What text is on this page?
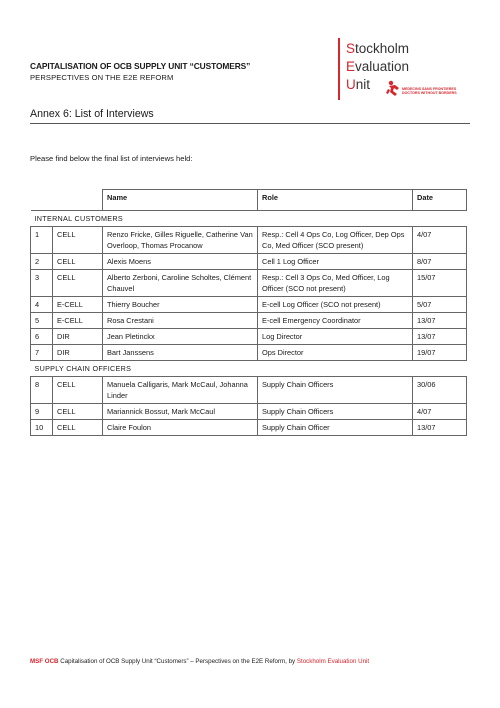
CAPITALISATION OF OCB SUPPLY UNIT “CUSTOMERS”
PERSPECTIVES ON THE E2E REFORM
Stockholm
Evaluation
Unit	MEDECINS SANS FRONTIERES
DOCTORS WITHOUT BORDERS
Annex 6: List of Interviews
Please find below the final list of interviews held:
		Name	Role	Date
INTERNAL CUSTOMERS				
1	CELL	Renzo Fricke, Gilles Riguelle, Catherine Van Overloop, Thomas Procanow	Resp.: Cell 4 Ops Co, Log Officer, Dep Ops Co, Med Officer (SCO present)	4/07
2	CELL	Alexis Moens	Cell 1 Log Officer	8/07
3	CELL	Alberto Zerboni, Caroline Scholtes, Clément Chauvel	Resp.: Cell 3 Ops Co, Med Officer, Log Officer (SCO not present)	15/07
4	E-CELL	Thierry Boucher	E-cell Log Officer (SCO not present)	5/07
5	E-CELL	Rosa Crestani	E-cell Emergency Coordinator	13/07
6	DIR	Jean Pletinckx	Log Director	13/07
7	DIR	Bart Janssens	Ops Director	19/07
SUPPLY CHAIN OFFICERS				
8	CELL	Manuela Calligaris, Mark McCaul, Johanna Linder	Supply Chain Officers	30/06
9	CELL	Mariannick Bossut, Mark McCaul	Supply Chain Officers	4/07
10	CELL	Claire Foulon	Supply Chain Officer	13/07
MSF OCB Capitalisation of OCB Supply Unit “Customers” – Perspectives on the E2E Reform, by Stockholm Evaluation Unit
